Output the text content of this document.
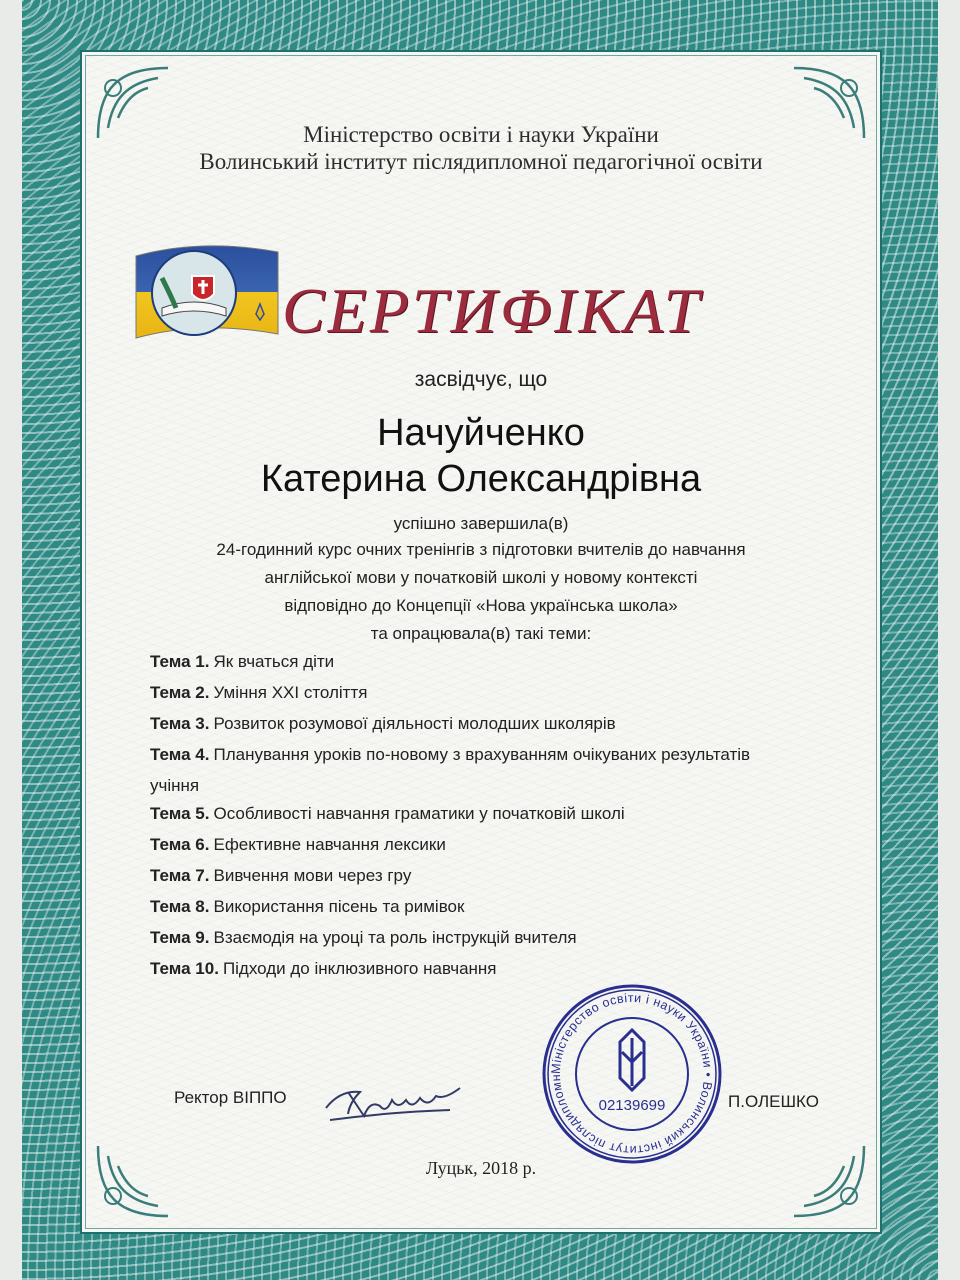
Міністерство освіти і науки України
Волинський інститут післядипломної педагогічної освіти
СЕРТИФІКАТ
засвідчує, що
Начуйченко
Катерина Олександрівна
успішно завершила(в)
24-годинний курс очних тренінгів з підготовки вчителів до навчання
англійської мови у початковій школі у новому контексті
відповідно до Концепції «Нова українська школа»
та опрацювала(в) такі теми:
Тема 1. Як вчаться діти
Тема 2. Уміння XXI століття
Тема 3. Розвиток розумової діяльності молодших школярів
Тема 4. Планування уроків по-новому з врахуванням очікуваних результатів
учіння
Тема 5. Особливості навчання граматики у початковій школі
Тема 6. Ефективне навчання лексики
Тема 7. Вивчення мови через гру
Тема 8. Використання пісень та римівок
Тема 9. Взаємодія на уроці та роль інструкцій вчителя
Тема 10. Підходи до інклюзивного навчання
Ректор ВІППО
Міністерство освіти і науки України • Волинський інститут післядипломн
02139699	П.ОЛЕШКО
Луцьк, 2018 р.
